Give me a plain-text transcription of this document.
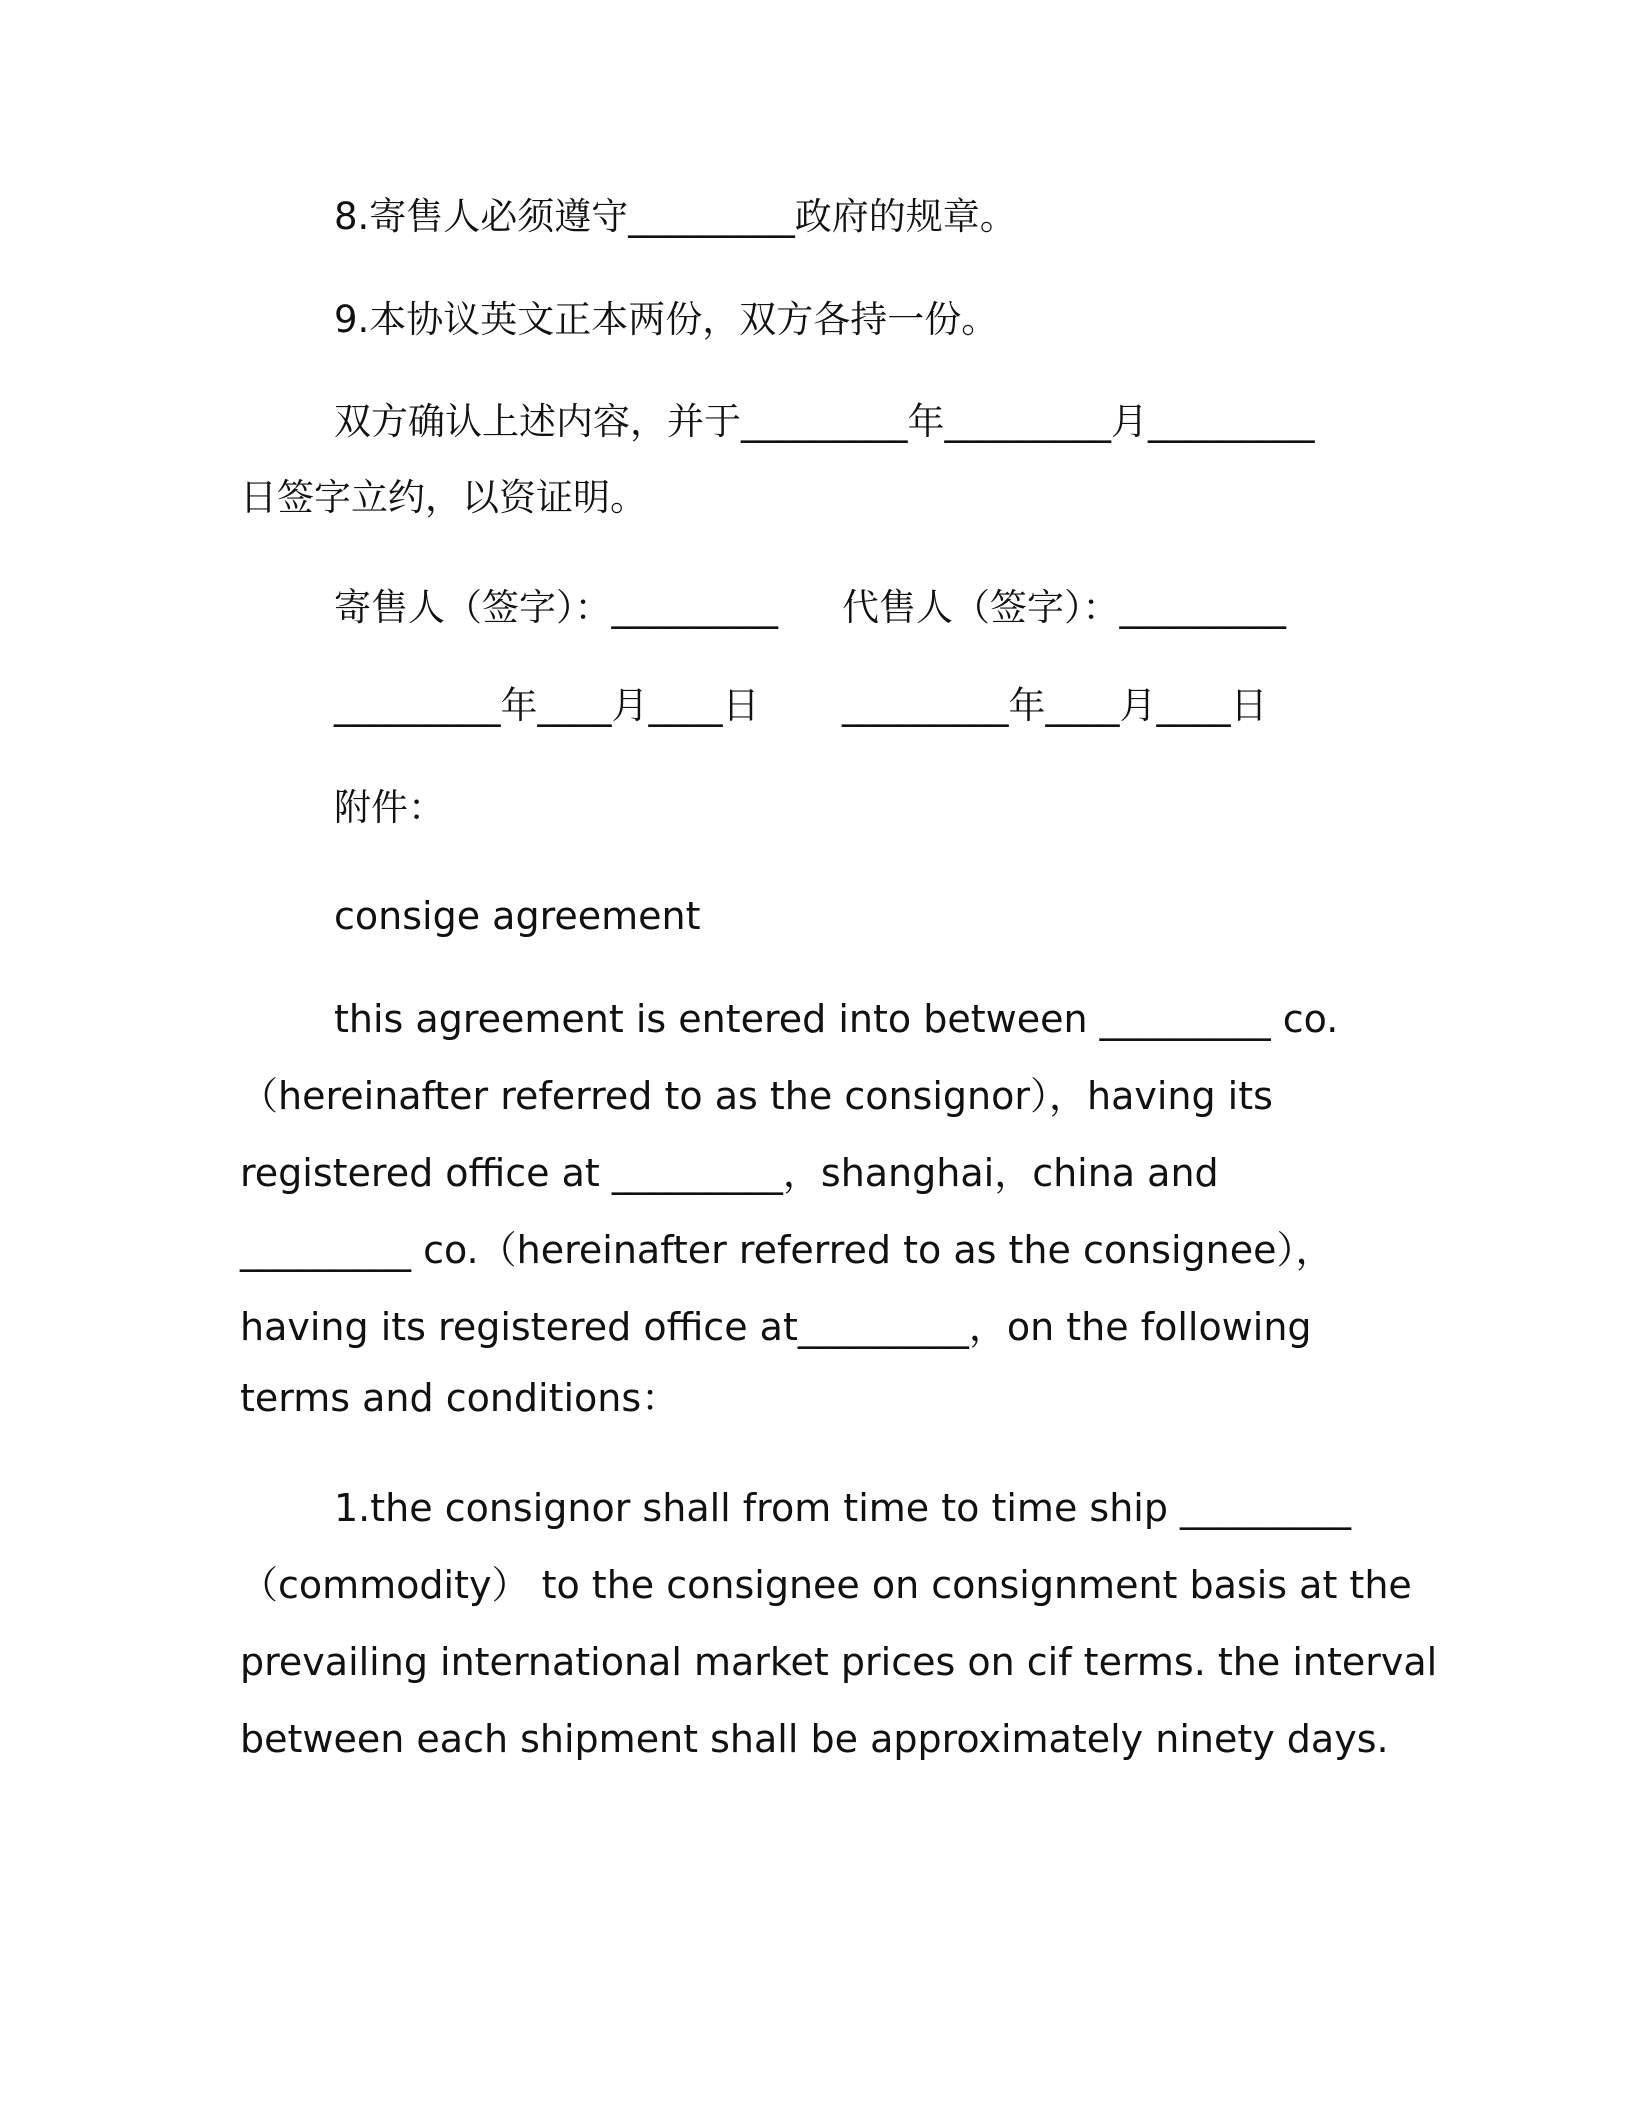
8.寄售人必须遵守_________政府的规章。
9.本协议英文正本两份，双方各持一份。
双方确认上述内容，并于_________年_________月_________
日签字立约，以资证明。
寄售人（签字）：_________ 代售人（签字）：_________
_________年____月____日 _________年____月____日
附件：
consige agreement
this agreement is entered into between _________ co.
（hereinafter referred to as the consignor），having its
registered office at _________，shanghai，china and
_________ co.（hereinafter referred to as the consignee），
having its registered office at_________，on the following
terms and conditions：
1.the consignor shall from time to time ship _________
（commodity） to the consignee on consignment basis at the
prevailing international market prices on cif terms. the interval
between each shipment shall be approximately ninety days.
